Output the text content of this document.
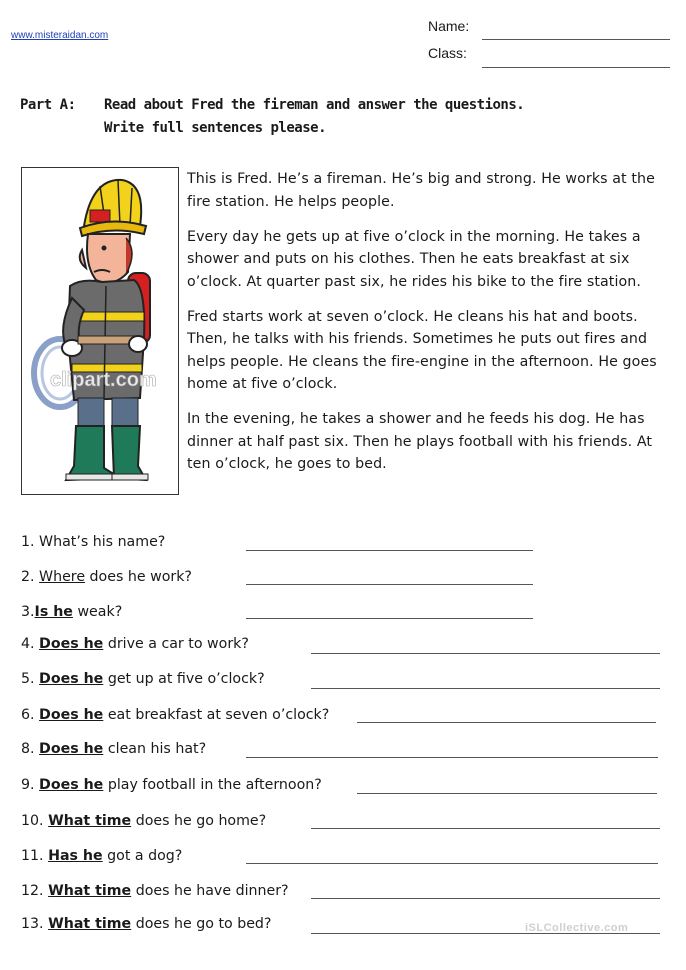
www.misteraidan.com
Name:
Class:
Part A: Read about Fred the fireman and answer the questions.
Write full sentences please.
clipart.com

This is Fred. He’s a fireman. He’s big and strong. He works at the fire station. He helps people.

Every day he gets up at five o’clock in the morning. He takes a shower and puts on his clothes. Then he eats breakfast at six o’clock. At quarter past six, he rides his bike to the fire station.

Fred starts work at seven o’clock. He cleans his hat and boots. Then, he talks with his friends. Sometimes he puts out fires and helps people. He cleans the fire-engine in the afternoon. He goes home at five o’clock.

In the evening, he takes a shower and he feeds his dog. He has dinner at half past six. Then he plays football with his friends. At ten o’clock, he goes to bed.

1. What’s his name?
2. Where does he work?
3.Is he weak?
4. Does he drive a car to work?
5. Does he get up at five o’clock?
6. Does he eat breakfast at seven o’clock?
8. Does he clean his hat?
9. Does he play football in the afternoon?
10. What time does he go home?
11. Has he got a dog?
12. What time does he have dinner?
13. What time does he go to bed?	iSLCollective.com
